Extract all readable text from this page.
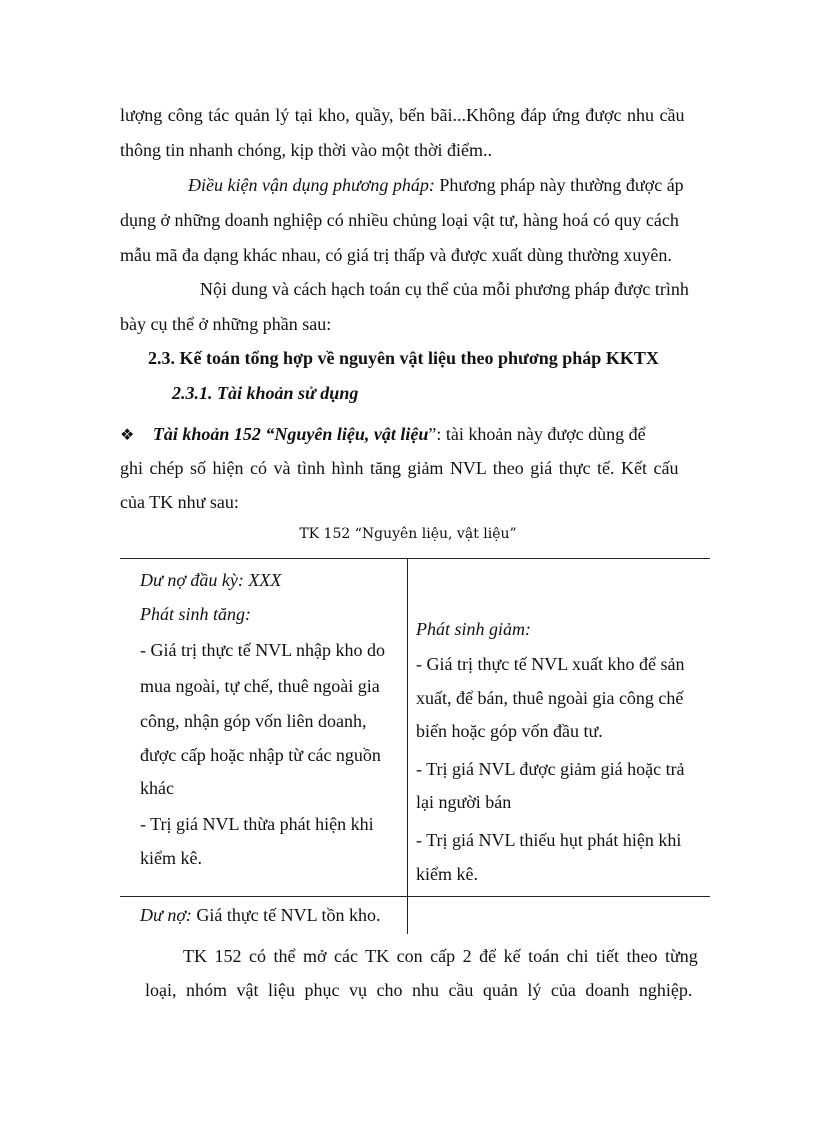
lượng công tác quản lý tại kho, quầy, bến bãi...Không đáp ứng được nhu cầu
thông tin nhanh chóng, kịp thời vào một thời điểm..
Điều kiện vận dụng phương pháp: Phương pháp này thường được áp
dụng ở những doanh nghiệp có nhiều chủng loại vật tư, hàng hoá có quy cách
mẫu mã đa dạng khác nhau, có giá trị thấp và được xuất dùng thường xuyên.
Nội dung và cách hạch toán cụ thể của mỗi phương pháp được trình
bày cụ thể ở những phần sau:
2.3. Kế toán tổng hợp về nguyên vật liệu theo phương pháp KKTX
2.3.1. Tài khoản sử dụng
❖ Tài khoản 152 “Nguyên liệu, vật liệu”: tài khoản này được dùng để
ghi chép số hiện có và tình hình tăng giảm NVL theo giá thực tế. Kết cấu
của TK như sau:
TK 152 “Nguyên liệu, vật liệu”
Dư nợ đầu kỳ: XXX
Phát sinh tăng:
- Giá trị thực tế NVL nhập kho do
mua ngoài, tự chế, thuê ngoài gia
công, nhận góp vốn liên doanh,
được cấp hoặc nhập từ các nguồn
khác
- Trị giá NVL thừa phát hiện khi
kiểm kê.
Dư nợ: Giá thực tế NVL tồn kho.
Phát sinh giảm:
- Giá trị thực tế NVL xuất kho để sản
xuất, để bán, thuê ngoài gia công chế
biến hoặc góp vốn đầu tư.
- Trị giá NVL được giảm giá hoặc trả
lại người bán
- Trị giá NVL thiếu hụt phát hiện khi
kiểm kê.
TK 152 có thể mở các TK con cấp 2 để kế toán chi tiết theo từng
loại, nhóm vật liệu phục vụ cho nhu cầu quản lý của doanh nghiệp.
